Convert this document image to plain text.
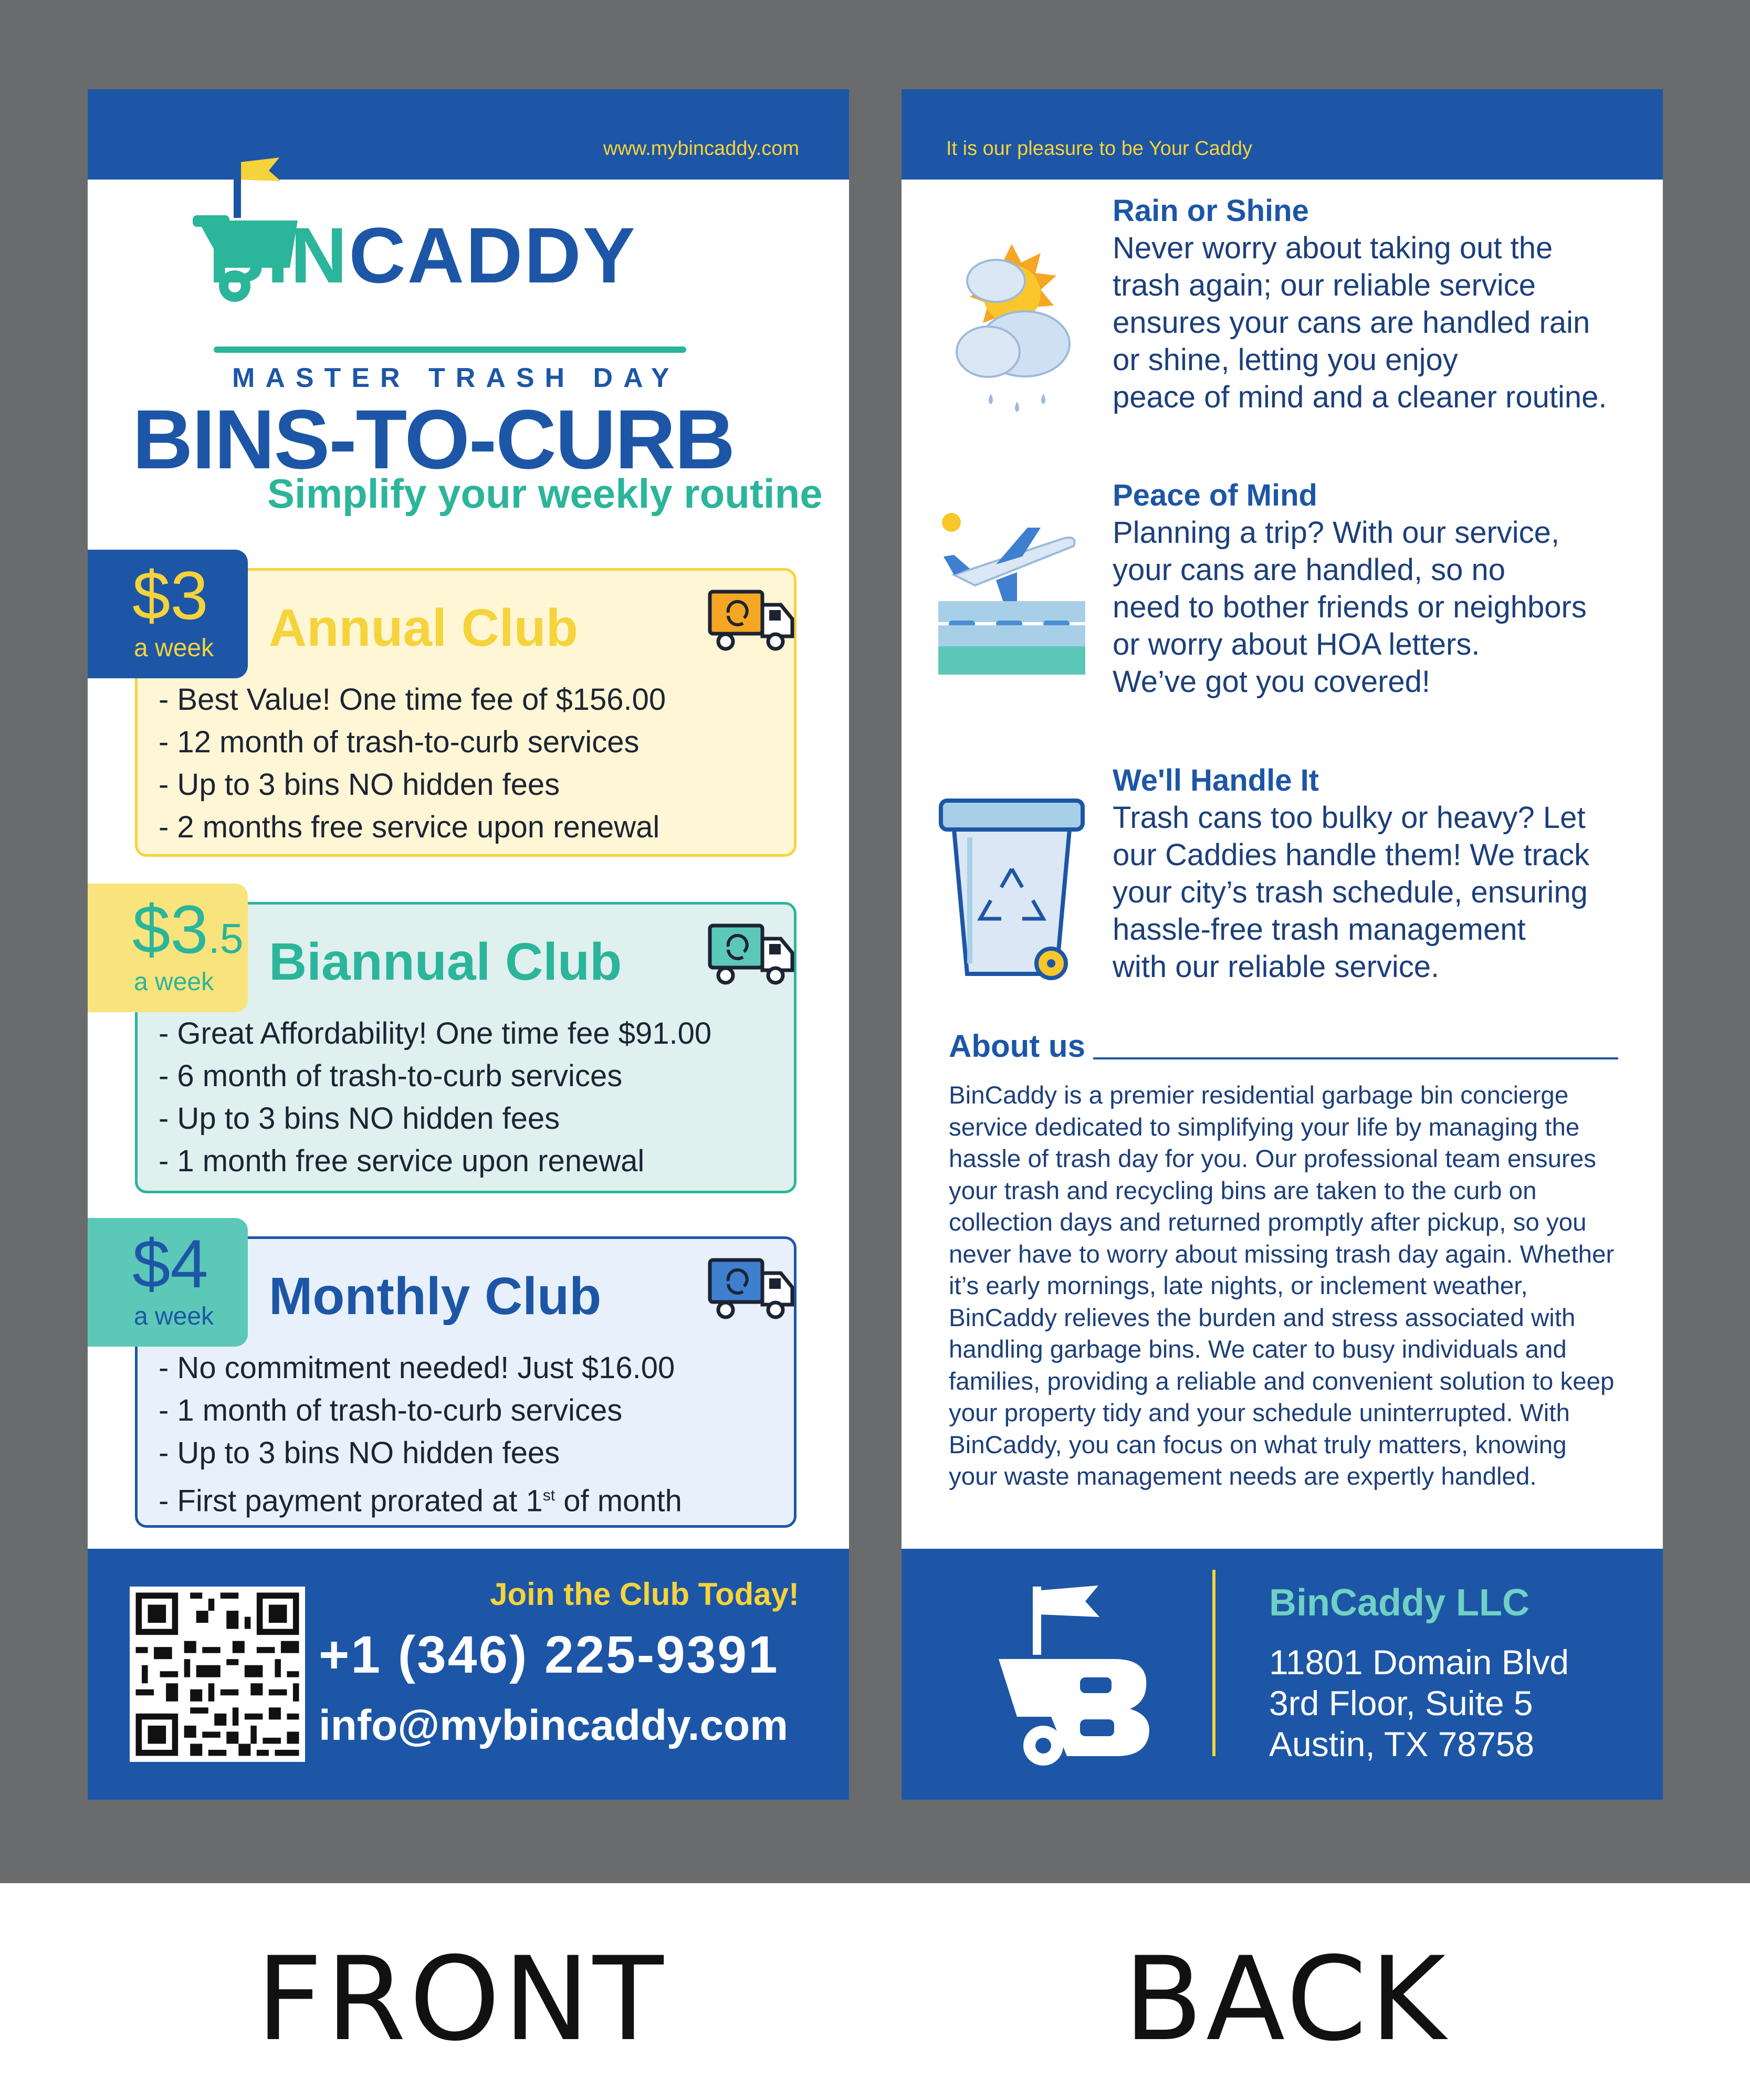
www.mybincaddy.com
BINCADDY
MASTER TRASH DAY
BINS-TO-CURB
Simplify your weekly routine
Annual Club
- Best Value! One time fee of $156.00
- 12 month of trash-to-curb services
- Up to 3 bins NO hidden fees
- 2 months free service upon renewal
$3
a week
Biannual Club
- Great Affordability! One time fee $91.00
- 6 month of trash-to-curb services
- Up to 3 bins NO hidden fees
- 1 month free service upon renewal
$3.5
a week
Monthly Club
- No commitment needed! Just $16.00
- 1 month of trash-to-curb services
- Up to 3 bins NO hidden fees
- First payment prorated at 1st of month
$4
a week
Join the Club Today!
+1 (346) 225-9391
info@mybincaddy.com
It is our pleasure to be Your Caddy
Rain or Shine
Never worry about taking out the
trash again; our reliable service
ensures your cans are handled rain
or shine, letting you enjoy
peace of mind and a cleaner routine.
Peace of Mind
Planning a trip? With our service,
your cans are handled, so no
need to bother friends or neighbors
or worry about HOA letters.
We’ve got you covered!
We'll Handle It
Trash cans too bulky or heavy? Let
our Caddies handle them! We track
your city’s trash schedule, ensuring
hassle-free trash management
with our reliable service.
About us
BinCaddy is a premier residential garbage bin concierge service dedicated to simplifying your life by managing the hassle of trash day for you. Our professional team ensures your trash and recycling bins are taken to the curb on collection days and returned promptly after pickup, so you never have to worry about missing trash day again. Whether it’s early mornings, late nights, or inclement weather, BinCaddy relieves the burden and stress associated with handling garbage bins. We cater to busy individuals and families, providing a reliable and convenient solution to keep your property tidy and your schedule uninterrupted. With BinCaddy, you can focus on what truly matters, knowing your waste management needs are expertly handled.
BinCaddy LLC
11801 Domain Blvd
3rd Floor, Suite 5
Austin, TX 78758
FRONT	BACK
